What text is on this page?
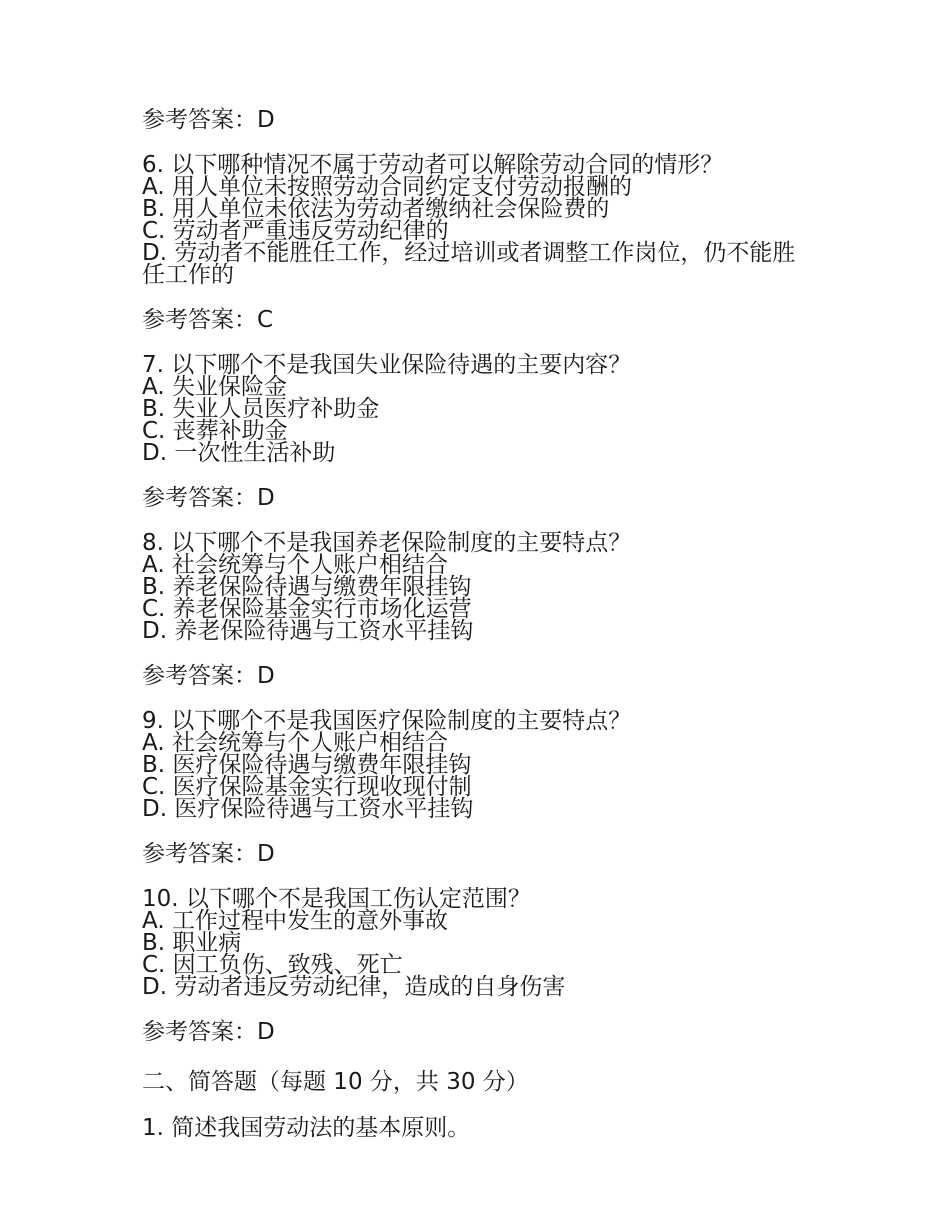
参考答案：D
6. 以下哪种情况不属于劳动者可以解除劳动合同的情形？
A. 用人单位未按照劳动合同约定支付劳动报酬的
B. 用人单位未依法为劳动者缴纳社会保险费的
C. 劳动者严重违反劳动纪律的
D. 劳动者不能胜任工作，经过培训或者调整工作岗位，仍不能胜任工作的
参考答案：C
7. 以下哪个不是我国失业保险待遇的主要内容？
A. 失业保险金
B. 失业人员医疗补助金
C. 丧葬补助金
D. 一次性生活补助
参考答案：D
8. 以下哪个不是我国养老保险制度的主要特点？
A. 社会统筹与个人账户相结合
B. 养老保险待遇与缴费年限挂钩
C. 养老保险基金实行市场化运营
D. 养老保险待遇与工资水平挂钩
参考答案：D
9. 以下哪个不是我国医疗保险制度的主要特点？
A. 社会统筹与个人账户相结合
B. 医疗保险待遇与缴费年限挂钩
C. 医疗保险基金实行现收现付制
D. 医疗保险待遇与工资水平挂钩
参考答案：D
10. 以下哪个不是我国工伤认定范围？
A. 工作过程中发生的意外事故
B. 职业病
C. 因工负伤、致残、死亡
D. 劳动者违反劳动纪律，造成的自身伤害
参考答案：D
二、简答题（每题 10 分，共 30 分）
1. 简述我国劳动法的基本原则。
